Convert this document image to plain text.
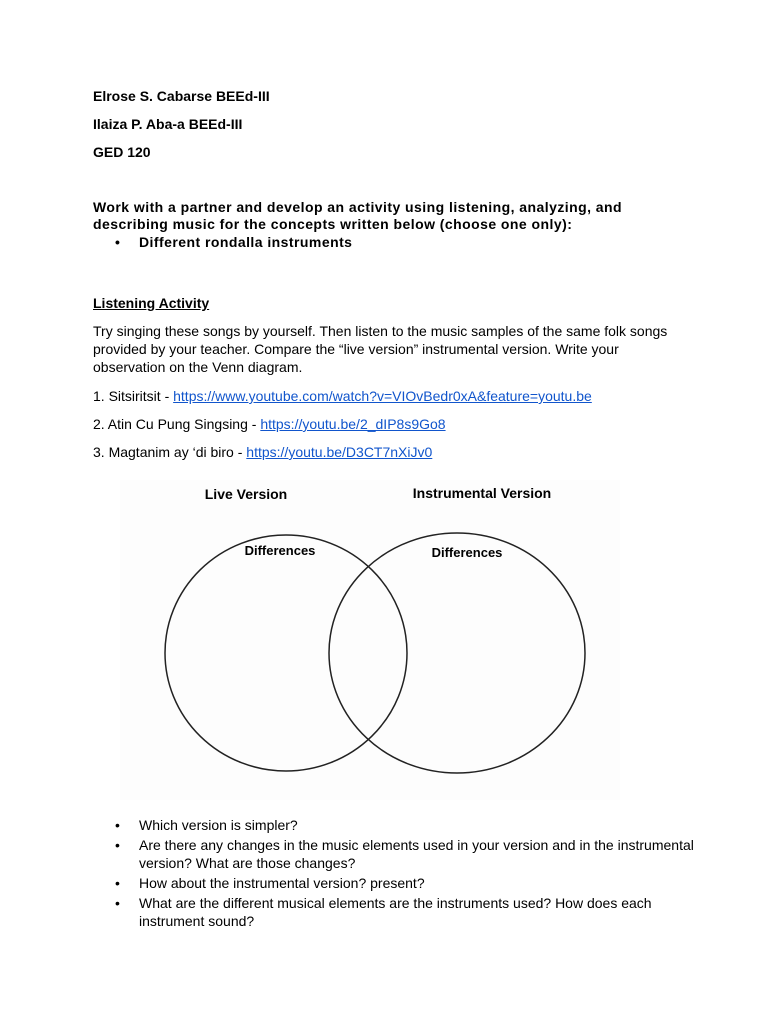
Elrose S. Cabarse BEEd-III
Ilaiza P. Aba-a BEEd-III
GED 120
Work with a partner and develop an activity using listening, analyzing, and describing music for the concepts written below (choose one only):
• Different rondalla instruments
Listening Activity
Try singing these songs by yourself. Then listen to the music samples of the same folk songs provided by your teacher. Compare the “live version” instrumental version. Write your observation on the Venn diagram.
1. Sitsiritsit - https://www.youtube.com/watch?v=VIOvBedr0xA&feature=youtu.be
2. Atin Cu Pung Singsing - https://youtu.be/2_dIP8s9Go8
3. Magtanim ay ‘di biro - https://youtu.be/D3CT7nXiJv0
Live Version	Instrumental Version
Differences	Differences
• Which version is simpler?
• Are there any changes in the music elements used in your version and in the instrumental version? What are those changes?
• How about the instrumental version? present?
• What are the different musical elements are the instruments used? How does each instrument sound?
